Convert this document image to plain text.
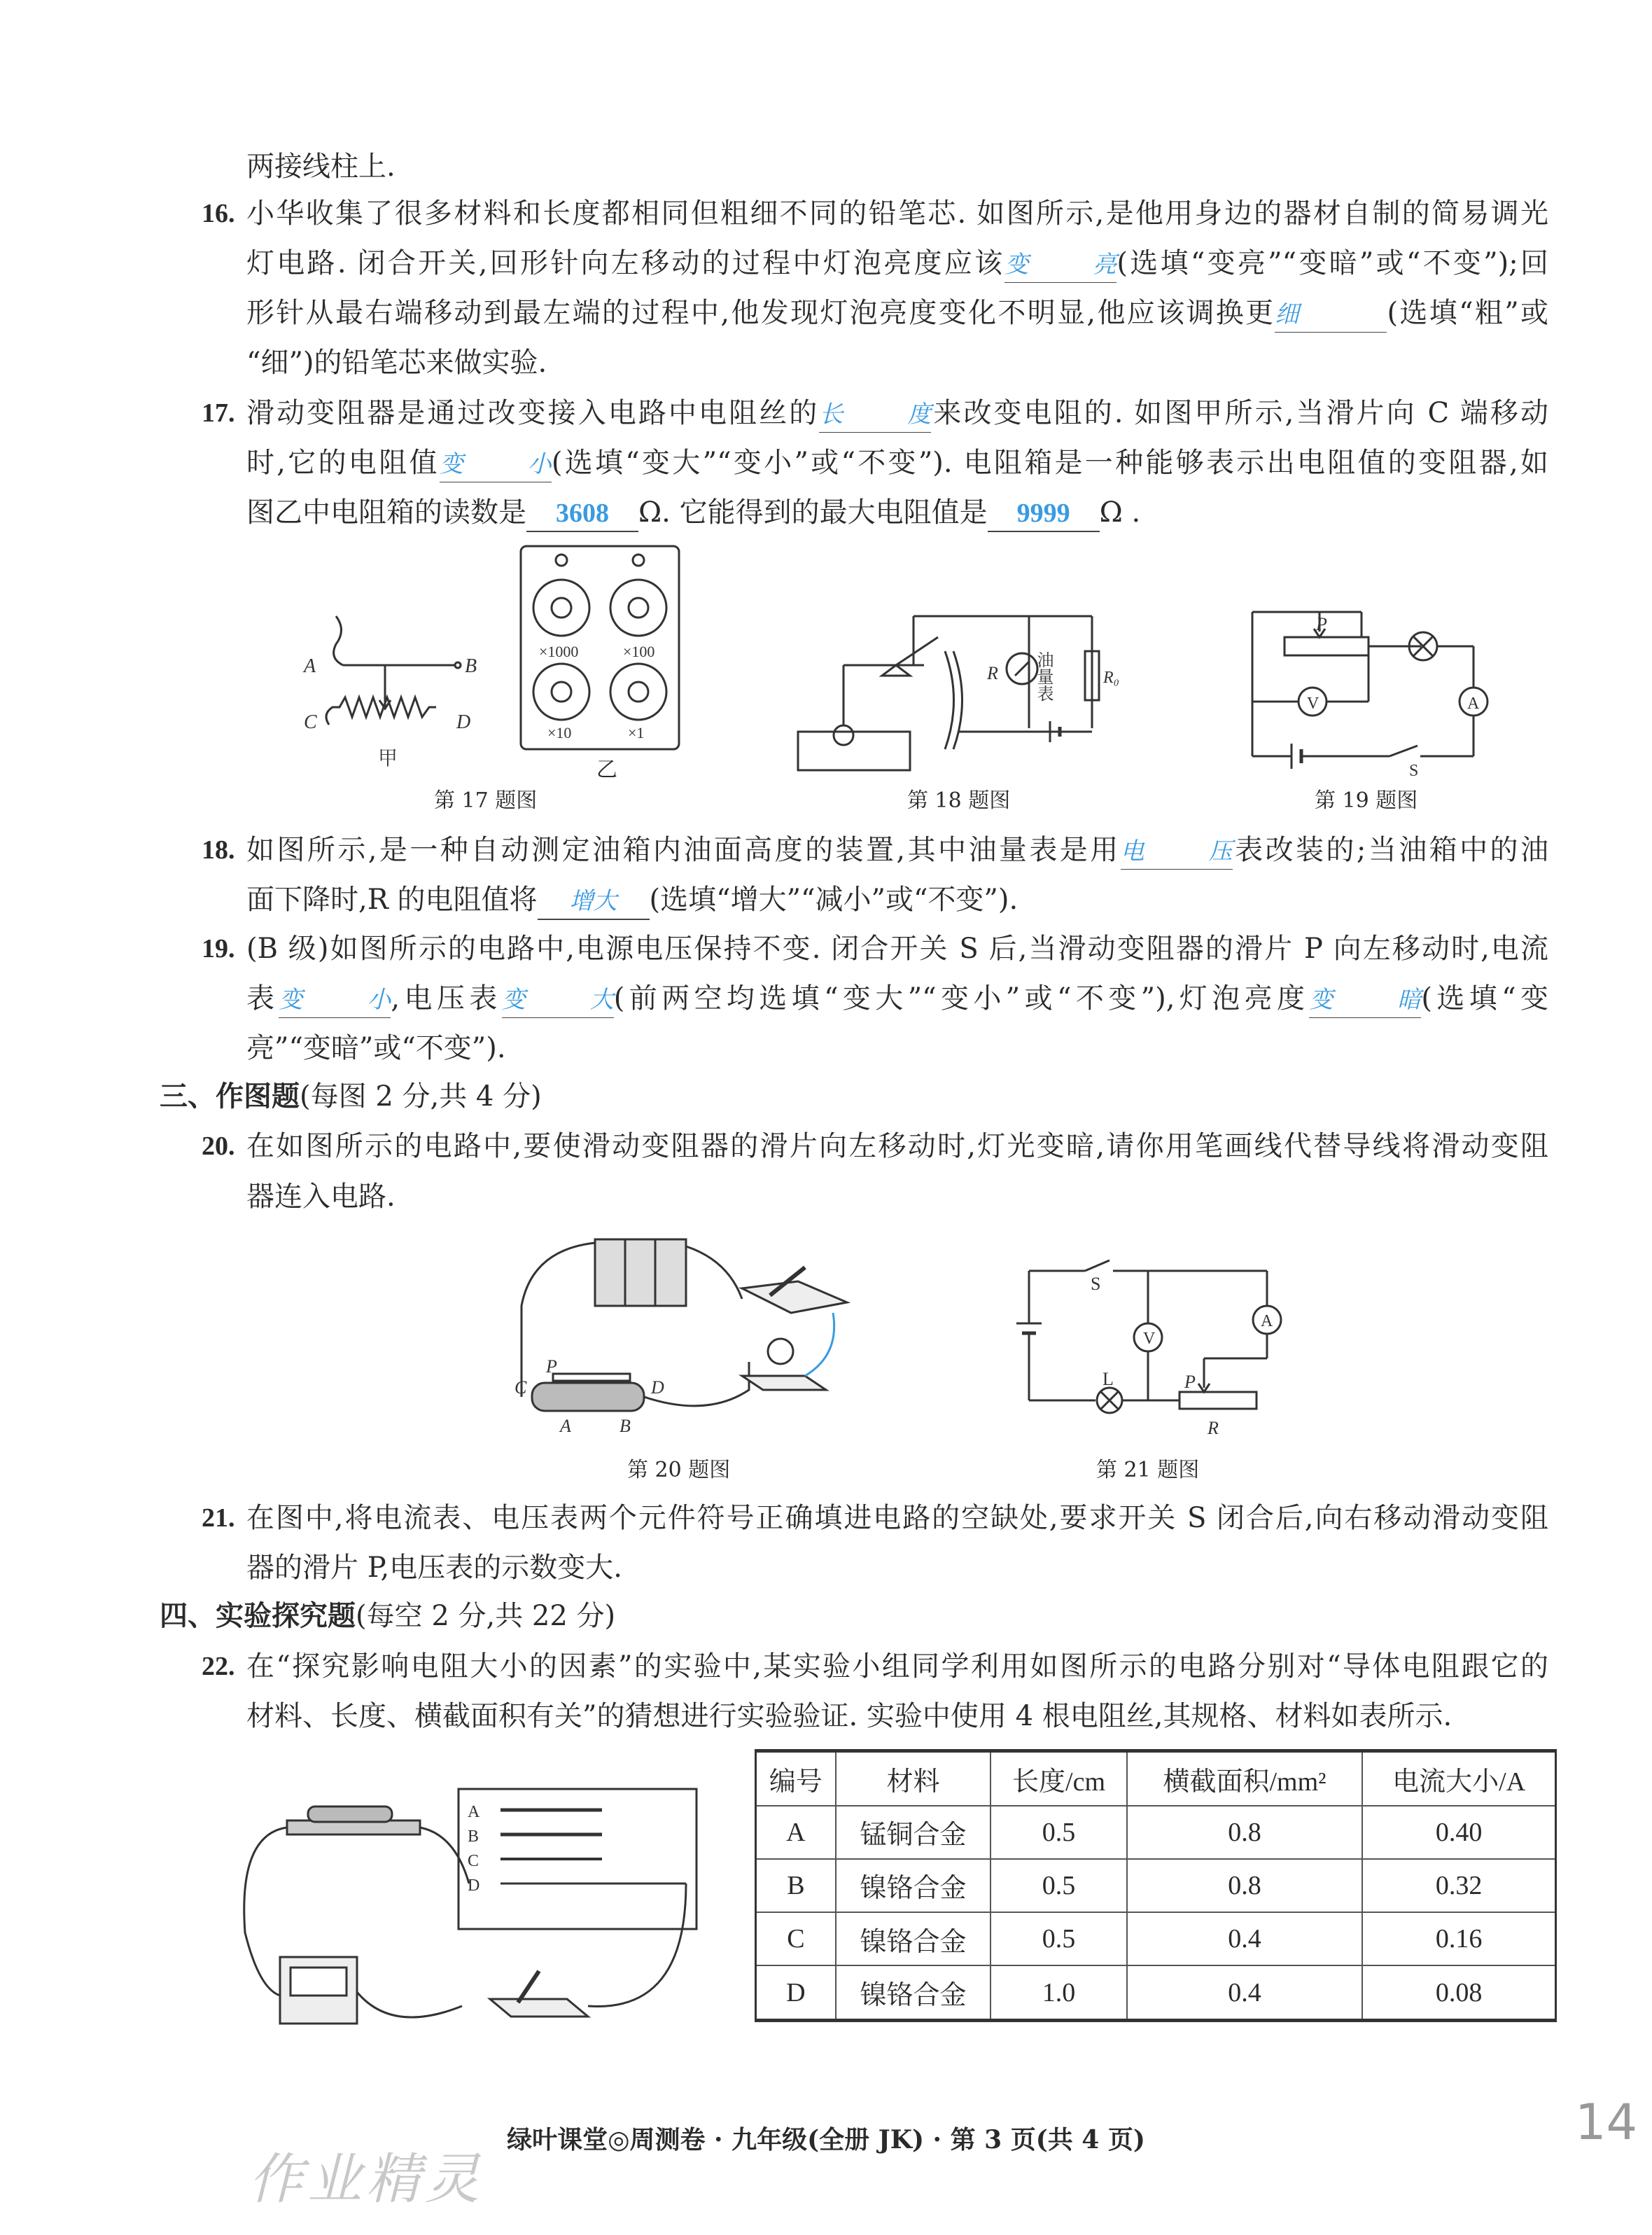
两接线柱上.
16. 小华收集了很多材料和长度都相同但粗细不同的铅笔芯. 如图所示,是他用身边的器材自制的简易调光
灯电路. 闭合开关,回形针向左移动的过程中灯泡亮度应该变亮(选填“变亮”“变暗”或“不变”);回
形针从最右端移动到最左端的过程中,他发现灯泡亮度变化不明显,他应该调换更细	(选填“粗”或
“细”)的铅笔芯来做实验.
17. 滑动变阻器是通过改变接入电路中电阻丝的长度来改变电阻的. 如图甲所示,当滑片向 C 端移动
时,它的电阻值变小(选填“变大”“变小”或“不变”). 电阻箱是一种能够表示出电阻值的变阻器,如
图乙中电阻箱的读数是 3608 Ω. 它能得到的最大电阻值是 9999 Ω .
18. 如图所示,是一种自动测定油箱内油面高度的装置,其中油量表是用电压表改装的;当油箱中的油
面下降时,R 的电阻值将 增大 (选填“增大”“减小”或“不变”).
19. (B 级)如图所示的电路中,电源电压保持不变. 闭合开关 S 后,当滑动变阻器的滑片 P 向左移动时,电流
表变小,电压表变大(前两空均选填“变大”“变小”或“不变”),灯泡亮度变暗(选填“变
亮”“变暗”或“不变”).
20. 在如图所示的电路中,要使滑动变阻器的滑片向左移动时,灯光变暗,请你用笔画线代替导线将滑动变阻
器连入电路.
21. 在图中,将电流表、电压表两个元件符号正确填进电路的空缺处,要求开关 S 闭合后,向右移动滑动变阻
器的滑片 P,电压表的示数变大.
22. 在“探究影响电阻大小的因素”的实验中,某实验小组同学利用如图所示的电路分别对“导体电阻跟它的
材料、长度、横截面积有关”的猜想进行实验验证. 实验中使用 4 根电阻丝,其规格、材料如表所示.
三、作图题(每图 2 分,共 4 分)
四、实验探究题(每空 2 分,共 22 分)
A	B
C	D
甲
×1000	×100
×10	×1
乙
第 17 题图
R 油量表	R₀
第 18 题图
V	A
P
S
第 19 题图
C
P
D
A	B
第 20 题图
S
V
A
L	P
R
第 21 题图
A
B
C
D
编号	材料	长度/cm	横截面积/mm²	电流大小/A
A	锰铜合金	0.5	0.8	0.40
B	镍铬合金	0.5	0.8	0.32
C	镍铬合金	0.5	0.4	0.16
D	镍铬合金	1.0	0.4	0.08
绿叶课堂◎周测卷 · 九年级(全册 JK) · 第 3 页(共 4 页)	14
作业精灵
